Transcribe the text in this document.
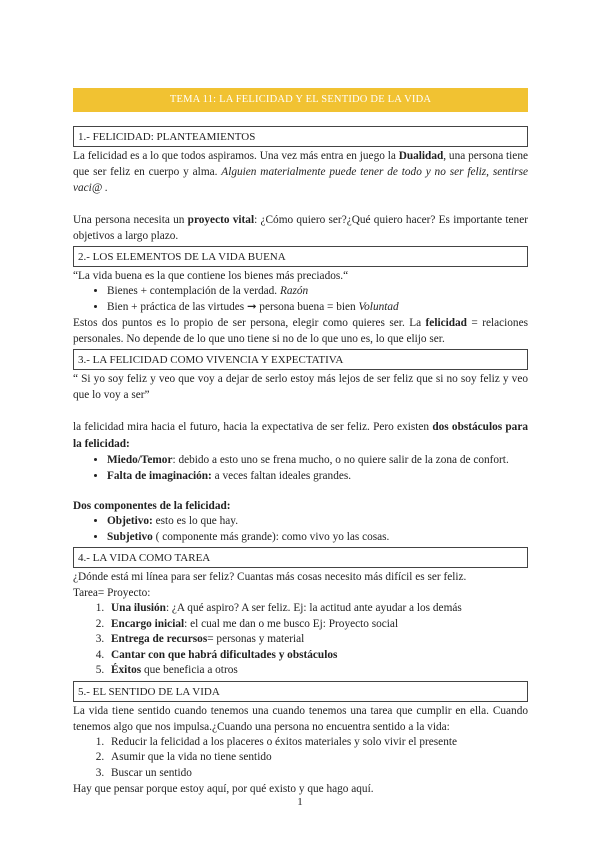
TEMA 11: LA FELICIDAD Y EL SENTIDO DE LA VIDA
1.- FELICIDAD: PLANTEAMIENTOS

La felicidad es a lo que todos aspiramos. Una vez más entra en juego la Dualidad, una persona tiene que ser feliz en cuerpo y alma. Alguien materialmente puede tener de todo y no ser feliz, sentirse vaci@ .

Una persona necesita un proyecto vital: ¿Cómo quiero ser?¿Qué quiero hacer? Es importante tener objetivos a largo plazo.

2.- LOS ELEMENTOS DE LA VIDA BUENA

“La vida buena es la que contiene los bienes más preciados.“

• Bienes + contemplación de la verdad. Razón
• Bien + práctica de las virtudes ➞ persona buena = bien Voluntad

Estos dos puntos es lo propio de ser persona, elegir como quieres ser. La felicidad = relaciones personales. No depende de lo que uno tiene si no de lo que uno es, lo que elijo ser.

3.- LA FELICIDAD COMO VIVENCIA Y EXPECTATIVA

“ Si yo soy feliz y veo que voy a dejar de serlo estoy más lejos de ser feliz que si no soy feliz y veo que lo voy a ser”

la felicidad mira hacia el futuro, hacia la expectativa de ser feliz. Pero existen dos obstáculos para la felicidad:

• Miedo/Temor: debido a esto uno se frena mucho, o no quiere salir de la zona de confort.
• Falta de imaginación: a veces faltan ideales grandes.

Dos componentes de la felicidad:

• Objetivo: esto es lo que hay.
• Subjetivo ( componente más grande): como vivo yo las cosas.
4.- LA VIDA COMO TAREA

¿Dónde está mi línea para ser feliz? Cuantas más cosas necesito más difícil es ser feliz.

Tarea= Proyecto:

1. Una ilusión: ¿A qué aspiro? A ser feliz. Ej: la actitud ante ayudar a los demás
2. Encargo inicial: el cual me dan o me busco Ej: Proyecto social
3. Entrega de recursos= personas y material
4. Cantar con que habrá dificultades y obstáculos
5. Éxitos que beneficia a otros
5.- EL SENTIDO DE LA VIDA

La vida tiene sentido cuando tenemos una cuando tenemos una tarea que cumplir en ella. Cuando tenemos algo que nos impulsa.¿Cuando una persona no encuentra sentido a la vida:

1. Reducir la felicidad a los placeres o éxitos materiales y solo vivir el presente
2. Asumir que la vida no tiene sentido
3. Buscar un sentido

Hay que pensar porque estoy aquí, por qué existo y que hago aquí.

1
